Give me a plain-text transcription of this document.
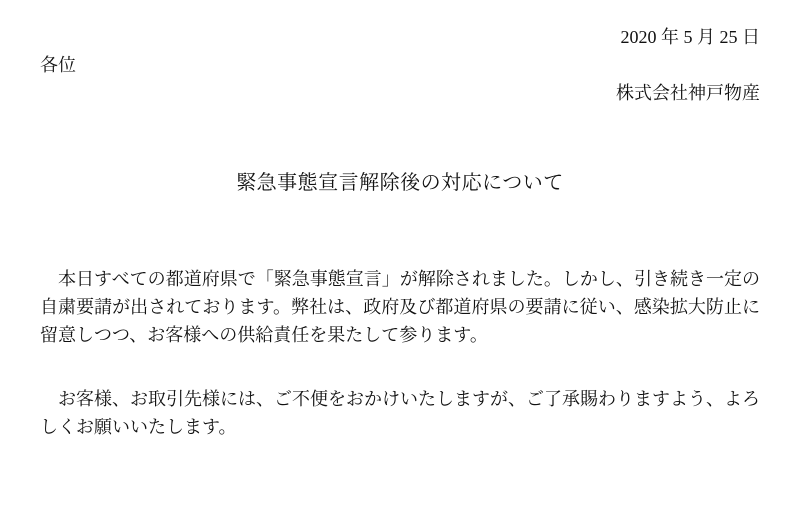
2020 年 5 月 25 日
各位
株式会社神戸物産
緊急事態宣言解除後の対応について

本日すべての都道府県で「緊急事態宣言」が解除されました。しかし、引き続き一定の自粛要請が出されております。弊社は、政府及び都道府県の要請に従い、感染拡大防止に留意しつつ、お客様への供給責任を果たして参ります。

お客様、お取引先様には、ご不便をおかけいたしますが、ご了承賜わりますよう、よろしくお願いいたします。
